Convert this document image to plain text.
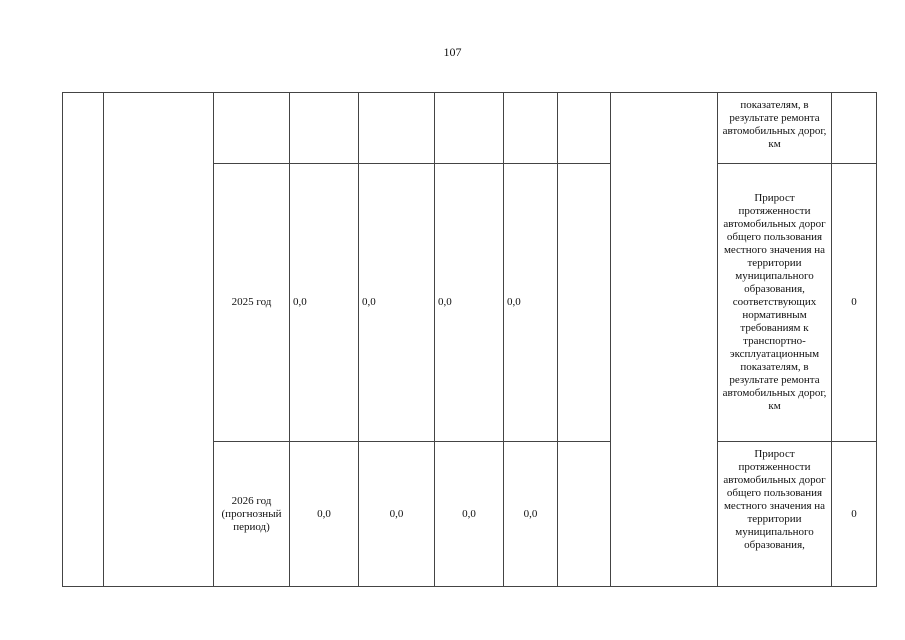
107
									показателям, в результате ремонта автомобильных дорог, км	
		2025 год	0,0	0,0	0,0	0,0			Прирост протяженности автомобильных дорог общего пользования местного значения на территории муниципального образования, соответствующих нормативным требованиям к транспортно-эксплуатационным показателям, в результате ремонта автомобильных дорог, км	0
		2026 год (прогнозный период)	0,0	0,0	0,0	0,0			Прирост протяженности автомобильных дорог общего пользования местного значения на территории муниципального образования,	0
